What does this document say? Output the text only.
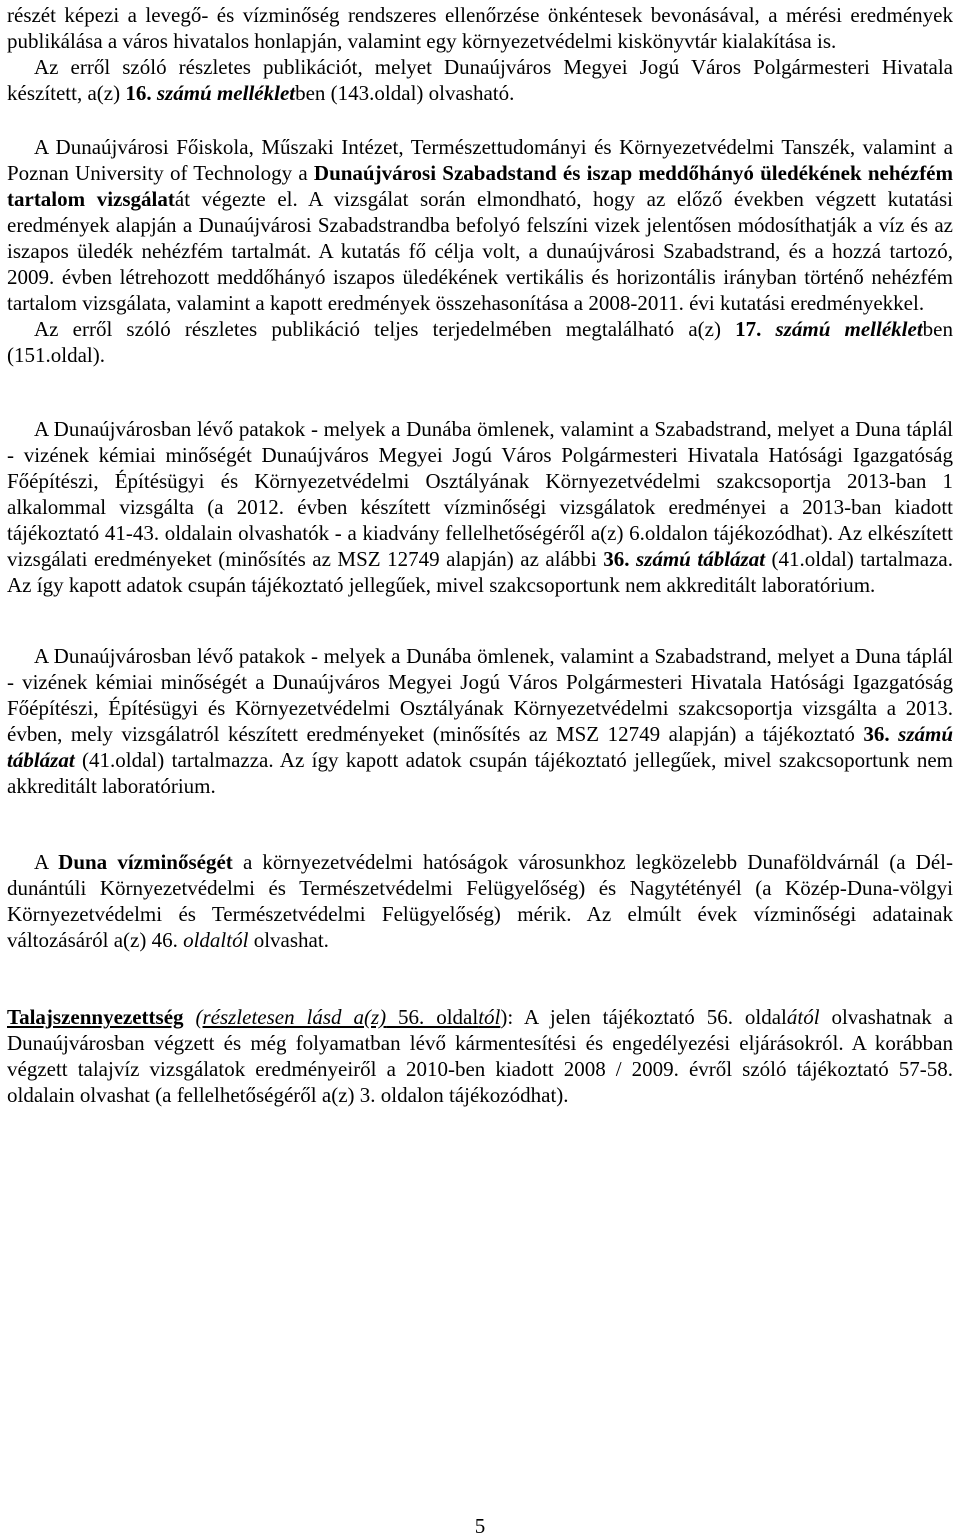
részét képezi a levegő- és vízminőség rendszeres ellenőrzése önkéntesek bevonásával, a mérési eredmények publikálása a város hivatalos honlapján, valamint egy környezetvédelmi kiskönyvtár kialakítása is.
Az erről szóló részletes publikációt, melyet Dunaújváros Megyei Jogú Város Polgármesteri Hivatala készített, a(z) 16. számú mellékletben (143.oldal) olvasható.

A Dunaújvárosi Főiskola, Műszaki Intézet, Természettudományi és Környezetvédelmi Tanszék, valamint a Poznan University of Technology a Dunaújvárosi Szabadstand és iszap meddőhányó üledékének nehézfém tartalom vizsgálatát végezte el. A vizsgálat során elmondható, hogy az előző években végzett kutatási eredmények alapján a Dunaújvárosi Szabadstrandba befolyó felszíni vizek jelentősen módosíthatják a víz és az iszapos üledék nehézfém tartalmát. A kutatás fő célja volt, a dunaújvárosi Szabadstrand, és a hozzá tartozó, 2009. évben létrehozott meddőhányó iszapos üledékének vertikális és horizontális irányban történő nehézfém tartalom vizsgálata, valamint a kapott eredmények összehasonítása a 2008-2011. évi kutatási eredményekkel.
Az erről szóló részletes publikáció teljes terjedelmében megtalálható a(z) 17. számú mellékletben (151.oldal).

A Dunaújvárosban lévő patakok - melyek a Dunába ömlenek, valamint a Szabadstrand, melyet a Duna táplál - vizének kémiai minőségét Dunaújváros Megyei Jogú Város Polgármesteri Hivatala Hatósági Igazgatóság Főépítészi, Építésügyi és Környezetvédelmi Osztályának Környezetvédelmi szakcsoportja 2013-ban 1 alkalommal vizsgálta (a 2012. évben készített vízminőségi vizsgálatok eredményei a 2013-ban kiadott tájékoztató 41-43. oldalain olvashatók - a kiadvány fellelhetőségéről a(z) 6.oldalon tájékozódhat). Az elkészített vizsgálati eredményeket (minősítés az MSZ 12749 alapján) az alábbi 36. számú táblázat (41.oldal) tartalmaza. Az így kapott adatok csupán tájékoztató jellegűek, mivel szakcsoportunk nem akkreditált laboratórium.

A Dunaújvárosban lévő patakok - melyek a Dunába ömlenek, valamint a Szabadstrand, melyet a Duna táplál - vizének kémiai minőségét a Dunaújváros Megyei Jogú Város Polgármesteri Hivatala Hatósági Igazgatóság Főépítészi, Építésügyi és Környezetvédelmi Osztályának Környezetvédelmi szakcsoportja vizsgálta a 2013. évben, mely vizsgálatról készített eredményeket (minősítés az MSZ 12749 alapján) a tájékoztató 36. számú táblázat (41.oldal) tartalmazza. Az így kapott adatok csupán tájékoztató jellegűek, mivel szakcsoportunk nem akkreditált laboratórium.

A Duna vízminőségét a környezetvédelmi hatóságok városunkhoz legközelebb Dunaföldvárnál (a Dél-dunántúli Környezetvédelmi és Természetvédelmi Felügyelőség) és Nagytétényél (a Közép-Duna-völgyi Környezetvédelmi és Természetvédelmi Felügyelőség) mérik. Az elmúlt évek vízminőségi adatainak változásáról a(z) 46. oldaltól olvashat.

Talajszennyezettség (részletesen lásd a(z) 56. oldaltól): A jelen tájékoztató 56. oldalától olvashatnak a Dunaújvárosban végzett és még folyamatban lévő kármentesítési és engedélyezési eljárásokról. A korábban végzett talajvíz vizsgálatok eredményeiről a 2010-ben kiadott 2008 / 2009. évről szóló tájékoztató 57-58. oldalain olvashat (a fellelhetőségéről a(z) 3. oldalon tájékozódhat).

5
